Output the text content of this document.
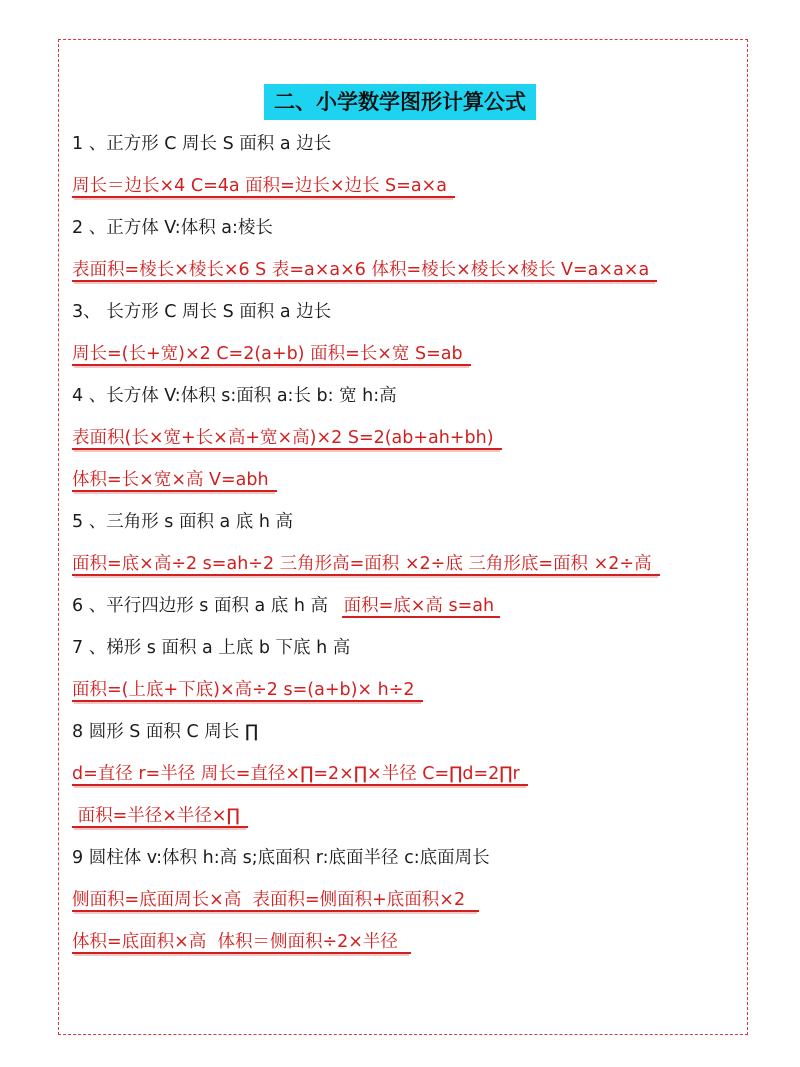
二、小学数学图形计算公式
1 、正方形 C 周长 S 面积 a 边长
周长＝边长×4 C=4a 面积=边长×边长 S=a×a
2 、正方体 V:体积 a:棱长
表面积=棱长×棱长×6 S 表=a×a×6 体积=棱长×棱长×棱长 V=a×a×a
3、 长方形 C 周长 S 面积 a 边长
周长=(长+宽)×2 C=2(a+b) 面积=长×宽 S=ab
4 、长方体 V:体积 s:面积 a:长 b: 宽 h:高
表面积(长×宽+长×高+宽×高)×2 S=2(ab+ah+bh)
体积=长×宽×高 V=abh
5 、三角形 s 面积 a 底 h 高
面积=底×高÷2 s=ah÷2 三角形高=面积 ×2÷底 三角形底=面积 ×2÷高
6 、平行四边形 s 面积 a 底 h 高 面积=底×高 s=ah
7 、梯形 s 面积 a 上底 b 下底 h 高
面积=(上底+下底)×高÷2 s=(a+b)× h÷2
8 圆形 S 面积 C 周长 ∏
d=直径 r=半径 周长=直径×∏=2×∏×半径 C=∏d=2∏r
面积=半径×半径×∏
9 圆柱体 v:体积 h:高 s;底面积 r:底面半径 c:底面周长
侧面积=底面周长×高  表面积=侧面积+底面积×2
体积=底面积×高  体积＝侧面积÷2×半径
